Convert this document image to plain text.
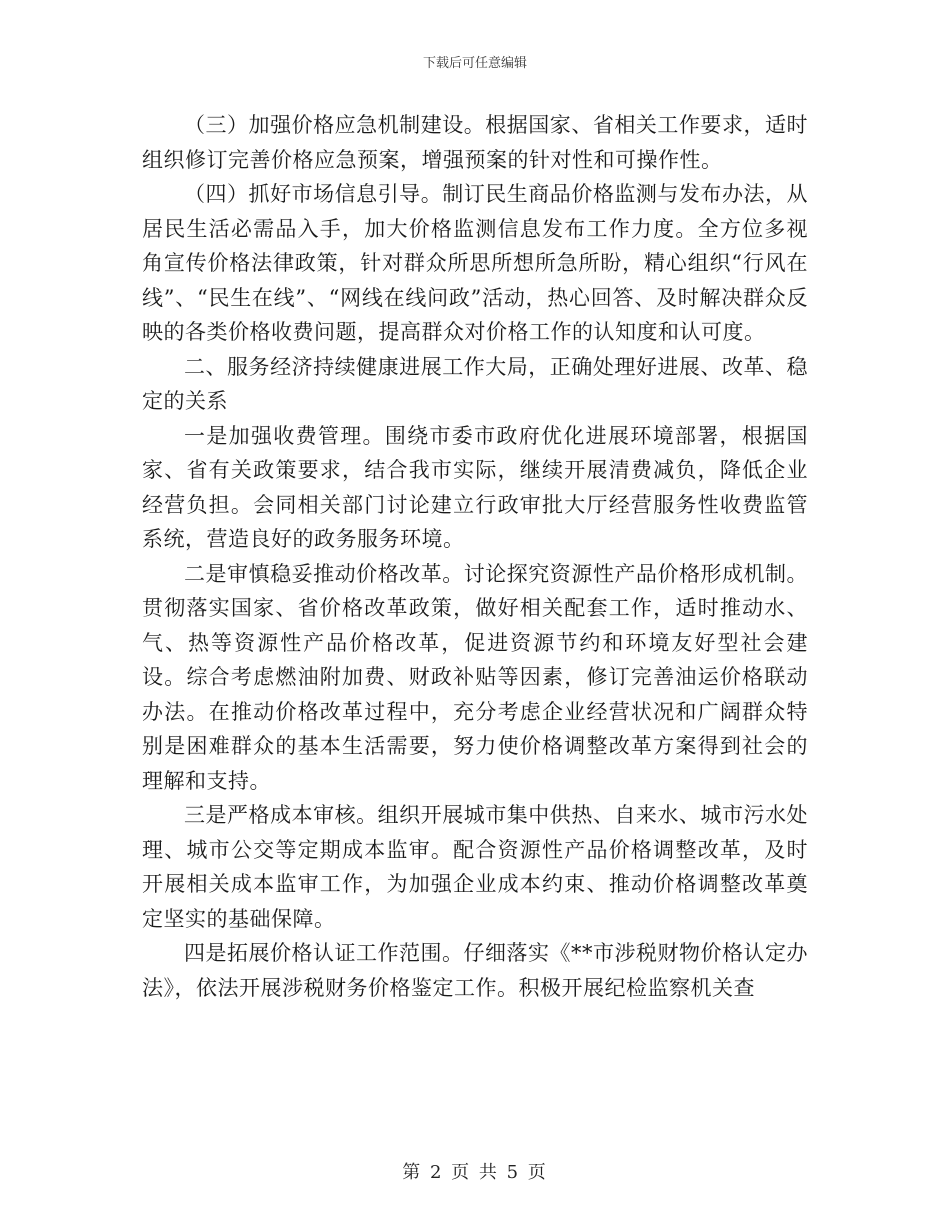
下载后可任意编辑

（三）加强价格应急机制建设。根据国家、省相关工作要求，适时组织修订完善价格应急预案，增强预案的针对性和可操作性。

（四）抓好市场信息引导。制订民生商品价格监测与发布办法，从居民生活必需品入手，加大价格监测信息发布工作力度。全方位多视角宣传价格法律政策，针对群众所思所想所急所盼，精心组织“行风在线”、“民生在线”、“网线在线问政”活动，热心回答、及时解决群众反映的各类价格收费问题，提高群众对价格工作的认知度和认可度。

二、服务经济持续健康进展工作大局，正确处理好进展、改革、稳定的关系

一是加强收费管理。围绕市委市政府优化进展环境部署，根据国家、省有关政策要求，结合我市实际，继续开展清费减负，降低企业经营负担。会同相关部门讨论建立行政审批大厅经营服务性收费监管系统，营造良好的政务服务环境。

二是审慎稳妥推动价格改革。讨论探究资源性产品价格形成机制。贯彻落实国家、省价格改革政策，做好相关配套工作，适时推动水、气、热等资源性产品价格改革，促进资源节约和环境友好型社会建设。综合考虑燃油附加费、财政补贴等因素，修订完善油运价格联动办法。在推动价格改革过程中，充分考虑企业经营状况和广阔群众特别是困难群众的基本生活需要，努力使价格调整改革方案得到社会的理解和支持。

三是严格成本审核。组织开展城市集中供热、自来水、城市污水处理、城市公交等定期成本监审。配合资源性产品价格调整改革，及时开展相关成本监审工作，为加强企业成本约束、推动价格调整改革奠定坚实的基础保障。

四是拓展价格认证工作范围。仔细落实《**市涉税财物价格认定办法》，依法开展涉税财务价格鉴定工作。积极开展纪检监察机关查

第 2 页 共 5 页
